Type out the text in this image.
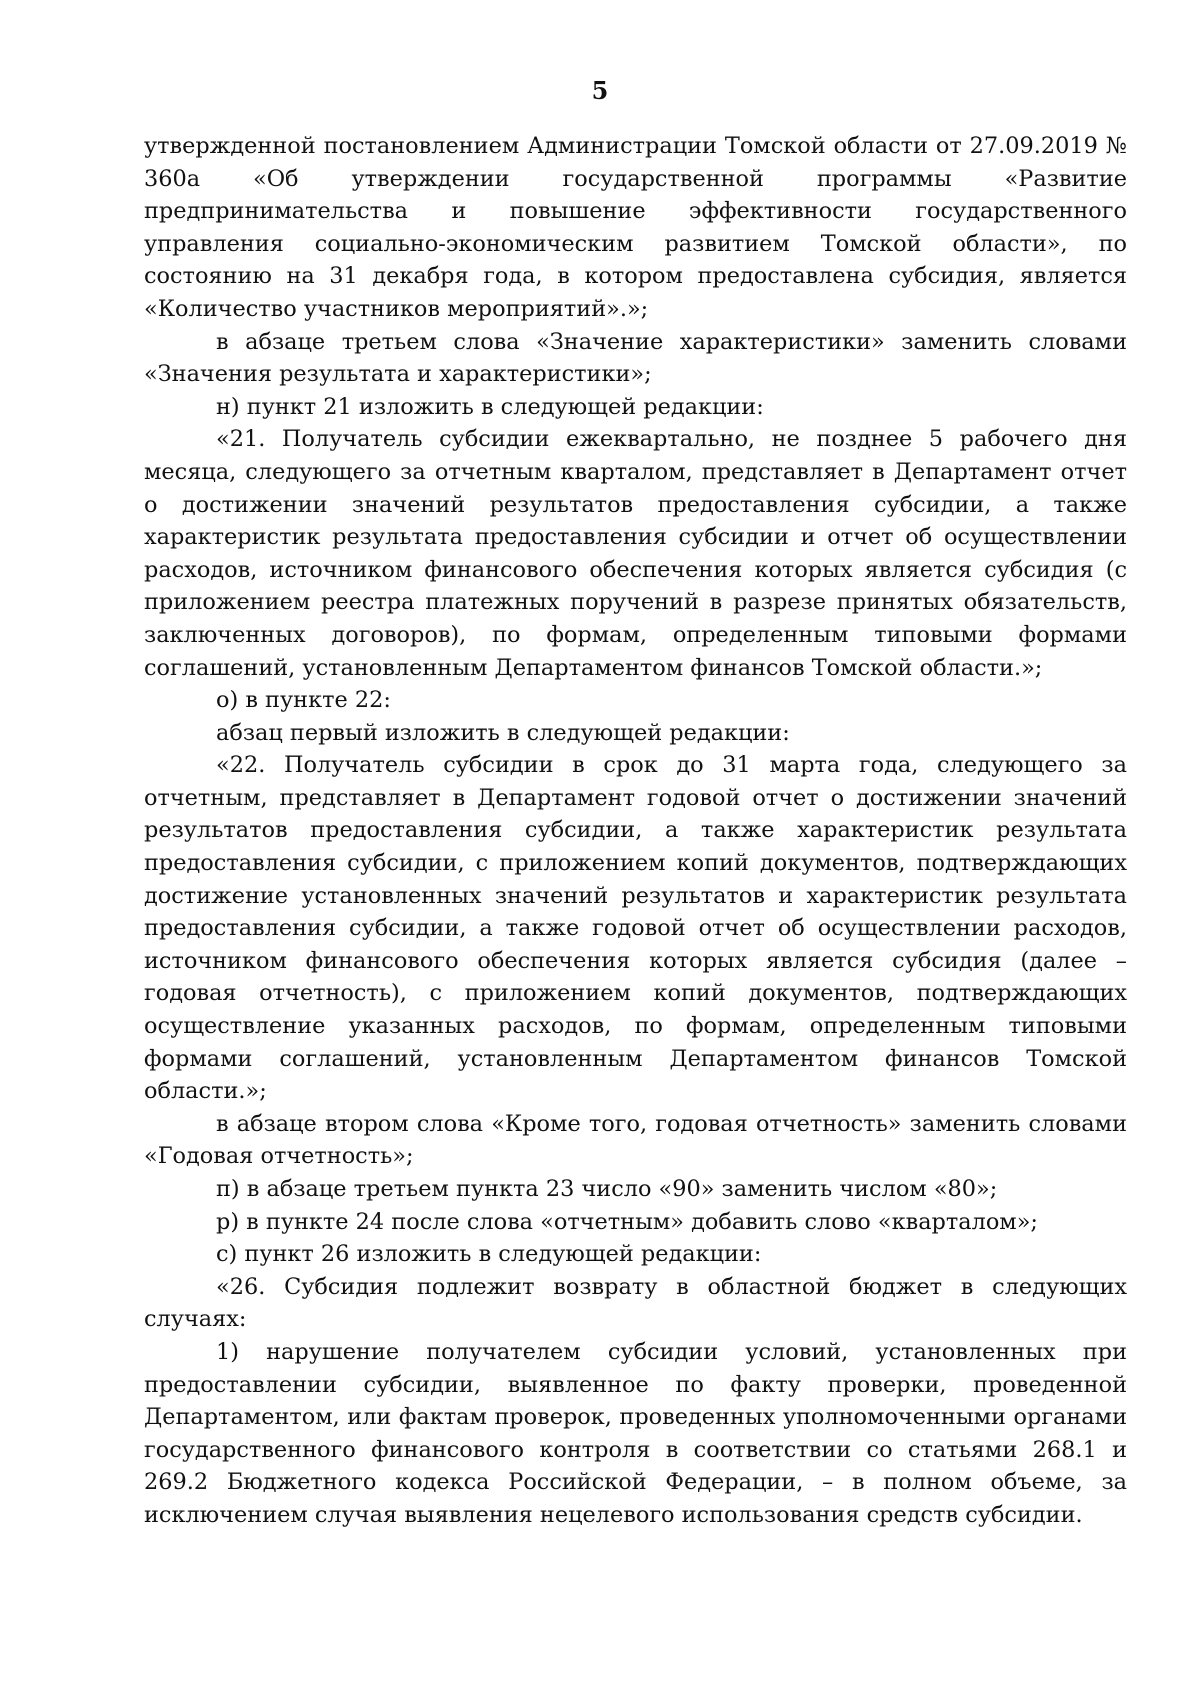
5

утвержденной постановлением Администрации Томской области от 27.09.2019 № 360а «Об утверждении государственной программы «Развитие предпринимательства и повышение эффективности государственного управления социально-экономическим развитием Томской области», по состоянию на 31 декабря года, в котором предоставлена субсидия, является «Количество участников мероприятий».»;

в абзаце третьем слова «Значение характеристики» заменить словами «Значения результата и характеристики»;

н) пункт 21 изложить в следующей редакции:

«21. Получатель субсидии ежеквартально, не позднее 5 рабочего дня месяца, следующего за отчетным кварталом, представляет в Департамент отчет о достижении значений результатов предоставления субсидии, а также характеристик результата предоставления субсидии и отчет об осуществлении расходов, источником финансового обеспечения которых является субсидия (с приложением реестра платежных поручений в разрезе принятых обязательств, заключенных договоров), по формам, определенным типовыми формами соглашений, установленным Департаментом финансов Томской области.»;

о) в пункте 22:

абзац первый изложить в следующей редакции:

«22. Получатель субсидии в срок до 31 марта года, следующего за отчетным, представляет в Департамент годовой отчет о достижении значений результатов предоставления субсидии, а также характеристик результата предоставления субсидии, с приложением копий документов, подтверждающих достижение установленных значений результатов и характеристик результата предоставления субсидии, а также годовой отчет об осуществлении расходов, источником финансового обеспечения которых является субсидия (далее – годовая отчетность), с приложением копий документов, подтверждающих осуществление указанных расходов, по формам, определенным типовыми формами соглашений, установленным Департаментом финансов Томской области.»;

в абзаце втором слова «Кроме того, годовая отчетность» заменить словами «Годовая отчетность»;

п) в абзаце третьем пункта 23 число «90» заменить числом «80»;

р) в пункте 24 после слова «отчетным» добавить слово «кварталом»;

с) пункт 26 изложить в следующей редакции:

«26. Субсидия подлежит возврату в областной бюджет в следующих случаях:

1) нарушение получателем субсидии условий, установленных при предоставлении субсидии, выявленное по факту проверки, проведенной Департаментом, или фактам проверок, проведенных уполномоченными органами государственного финансового контроля в соответствии со статьями 268.1 и 269.2 Бюджетного кодекса Российской Федерации, – в полном объеме, за исключением случая выявления нецелевого использования средств субсидии.
